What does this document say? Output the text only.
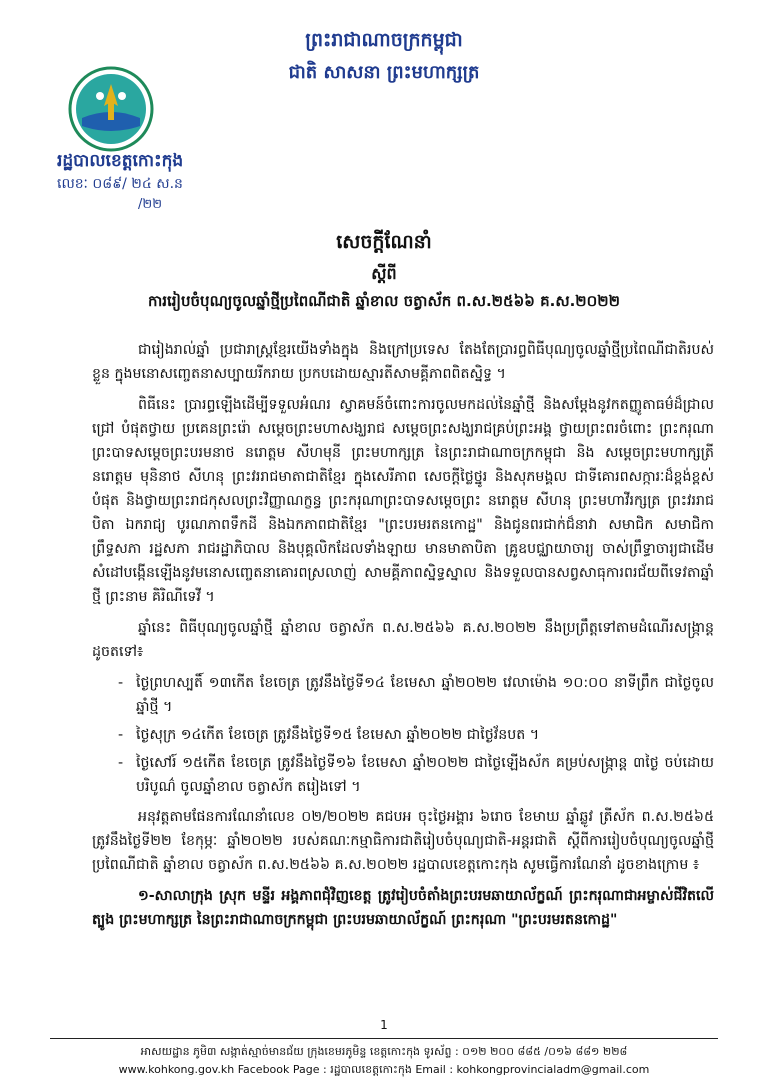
ព្រះរាជាណាចក្រកម្ពុជា
ជាតិ សាសនា ព្រះមហាក្សត្រ
រដ្ឋបាលខេត្តកោះកុង
លេខៈ ០៨៩/ ២៤ ស.ន
/២២
សេចក្តីណែនាំ
ស្តីពី
ការរៀបចំបុណ្យចូលឆ្នាំថ្មីប្រពៃណីជាតិ ឆ្នាំខាល ចត្វាស័ក ព.ស.២៥៦៦ គ.ស.២០២២

ជារៀងរាល់ឆ្នាំ ប្រជារាស្ត្រខ្មែរយើងទាំងក្នុង និងក្រៅប្រទេស តែងតែប្រារព្ធពិធីបុណ្យចូលឆ្នាំថ្មីប្រពៃណីជាតិរបស់ខ្លួន ក្នុងមនោសញ្ចេតនាសប្បាយរីករាយ ប្រកបដោយស្មារតីសាមគ្គីភាពពិតស្និទ្ធ ។

ពិធីនេះ ប្រារព្ធឡើងដើម្បីទទួលអំណរ ស្វាគមន៍ចំពោះការចូលមកដល់នៃឆ្នាំថ្មី និងសម្តែងនូវកតញ្ញូតាធម៌ដ៏ជ្រាលជ្រៅ បំផុតថ្វាយ ប្រគេនព្រះរ៉ោ សម្តេចព្រះមហាសង្ឃរាជ សម្តេចព្រះសង្ឃរាជគ្រប់ព្រះអង្គ ថ្វាយព្រះពរចំពោះ ព្រះករុណា ព្រះបាទសម្តេចព្រះបរមនាថ នរោត្តម សីហមុនី ព្រះមហាក្សត្រ នៃព្រះរាជាណាចក្រកម្ពុជា និង សម្តេចព្រះមហាក្សត្រី នរោត្តម មុនិនាថ សីហនុ ព្រះវររាជមាតាជាតិខ្មែរ ក្នុងសេរីភាព សេចក្តីថ្លៃថ្នូរ និងសុភមង្គល ជាទីគោរពសក្ការៈដ៏ខ្ពង់ខ្ពស់បំផុត និងថ្វាយព្រះរាជកុសលព្រះវិញ្ញាណក្ខន្ធ ព្រះករុណាព្រះបាទសម្តេចព្រះ នរោត្តម សីហនុ ព្រះមហាវីរក្សត្រ ព្រះវររាជបិតា ឯករាជ្យ បូរណភាពទឹកដី និងឯកភាពជាតិខ្មែរ "ព្រះបរមរតនកោដ្ឋ" និងជូនពរជាក់ជ៏នាវា សមាជិក សមាជិកា ព្រឹទ្ធសភា រដ្ឋសភា រាជរដ្ឋាភិបាល និងបុគ្គលិកដែលទាំងឡាយ មានមាតាបិតា គ្រូឧបជ្ឈាយាចារ្យ ចាស់ព្រឹទ្ធាចារ្យជាដើម សំដៅបង្កើនឡើងនូវមនោសញ្ចេតនាគោរពស្រលាញ់ សាមគ្គីភាពស្និទ្ធស្នាល និងទទួលបានសព្វសាធុការពរជ័យពីទេវតាឆ្នាំថ្មី ព្រះនាម គិរិណីទេវី ។

ឆ្នាំនេះ ពិធីបុណ្យចូលឆ្នាំថ្មី ឆ្នាំខាល ចត្វាស័ក ព.ស.២៥៦៦ គ.ស.២០២២ នឹងប្រព្រឹត្តទៅតាមដំណើរសង្ក្រាន្ត ដូចតទៅ៖

- ថ្ងៃព្រហស្បតិ៍ ១៣កើត ខែចេត្រ ត្រូវនឹងថ្ងៃទី១៤ ខែមេសា ឆ្នាំ២០២២ វេលាម៉ោង ១០:០០ នាទីព្រឹក ជាថ្ងៃចូលឆ្នាំថ្មី ។
- ថ្ងៃសុក្រ ១៤កើត ខែចេត្រ ត្រូវនឹងថ្ងៃទី១៥ ខែមេសា ឆ្នាំ២០២២ ជាថ្ងៃវ័នបត ។
- ថ្ងៃសៅរ៍ ១៥កើត ខែចេត្រ ត្រូវនឹងថ្ងៃទី១៦ ខែមេសា ឆ្នាំ២០២២ ជាថ្ងៃឡើងស័ក គម្រប់សង្ក្រាន្ត ៣ថ្ងៃ ចប់ដោយបរិបូណ៌ ចូលឆ្នាំខាល ចត្វាស័ក តរៀងទៅ ។

អនុវត្តតាមផែនការណែនាំលេខ ០២/២០២២ គជបអ ចុះថ្ងៃអង្គារ ៦រោច ខែមាឃ ឆ្នាំឆ្លូវ ត្រីស័ក ព.ស.២៥៦៥ ត្រូវនឹងថ្ងៃទី២២ ខែកុម្ភៈ ឆ្នាំ២០២២ របស់គណៈកម្មាធិការជាតិរៀបចំបុណ្យជាតិ-អន្តរជាតិ ស្តីពីការរៀបចំបុណ្យចូលឆ្នាំថ្មី ប្រពៃណីជាតិ ឆ្នាំខាល ចត្វាស័ក ព.ស.២៥៦៦ គ.ស.២០២២ រដ្ឋបាលខេត្តកោះកុង សូមធ្វើការណែនាំ ដូចខាងក្រោម ៖

១-សាលាក្រុង ស្រុក មន្ទីរ អង្គភាពជុំវិញខេត្ត ត្រូវរៀបចំតាំងព្រះបរមឆាយាល័ក្ខណ៍ ព្រះករុណាជាអម្ចាស់ជីវិតលើត្បូង ព្រះមហាក្សត្រ នៃព្រះរាជាណាចក្រកម្ពុជា ព្រះបរមឆាយាល័ក្ខណ៍ ព្រះករុណា "ព្រះបរមរតនកោដ្ឋ"

1
អាសយដ្ឋាន ភូមិ៣ សង្កាត់ស្មាច់មានជ័យ ក្រុងខេមរភូមិន្ទ ខេត្តកោះកុង ទូរស័ព្ទ : ០១២ ២០០ ៨៨៥ /០១៦ ៨៨១ ២២៨
www.kohkong.gov.kh Facebook Page : រដ្ឋបាលខេត្តកោះកុង Email : kohkongprovincialadm@gmail.com
